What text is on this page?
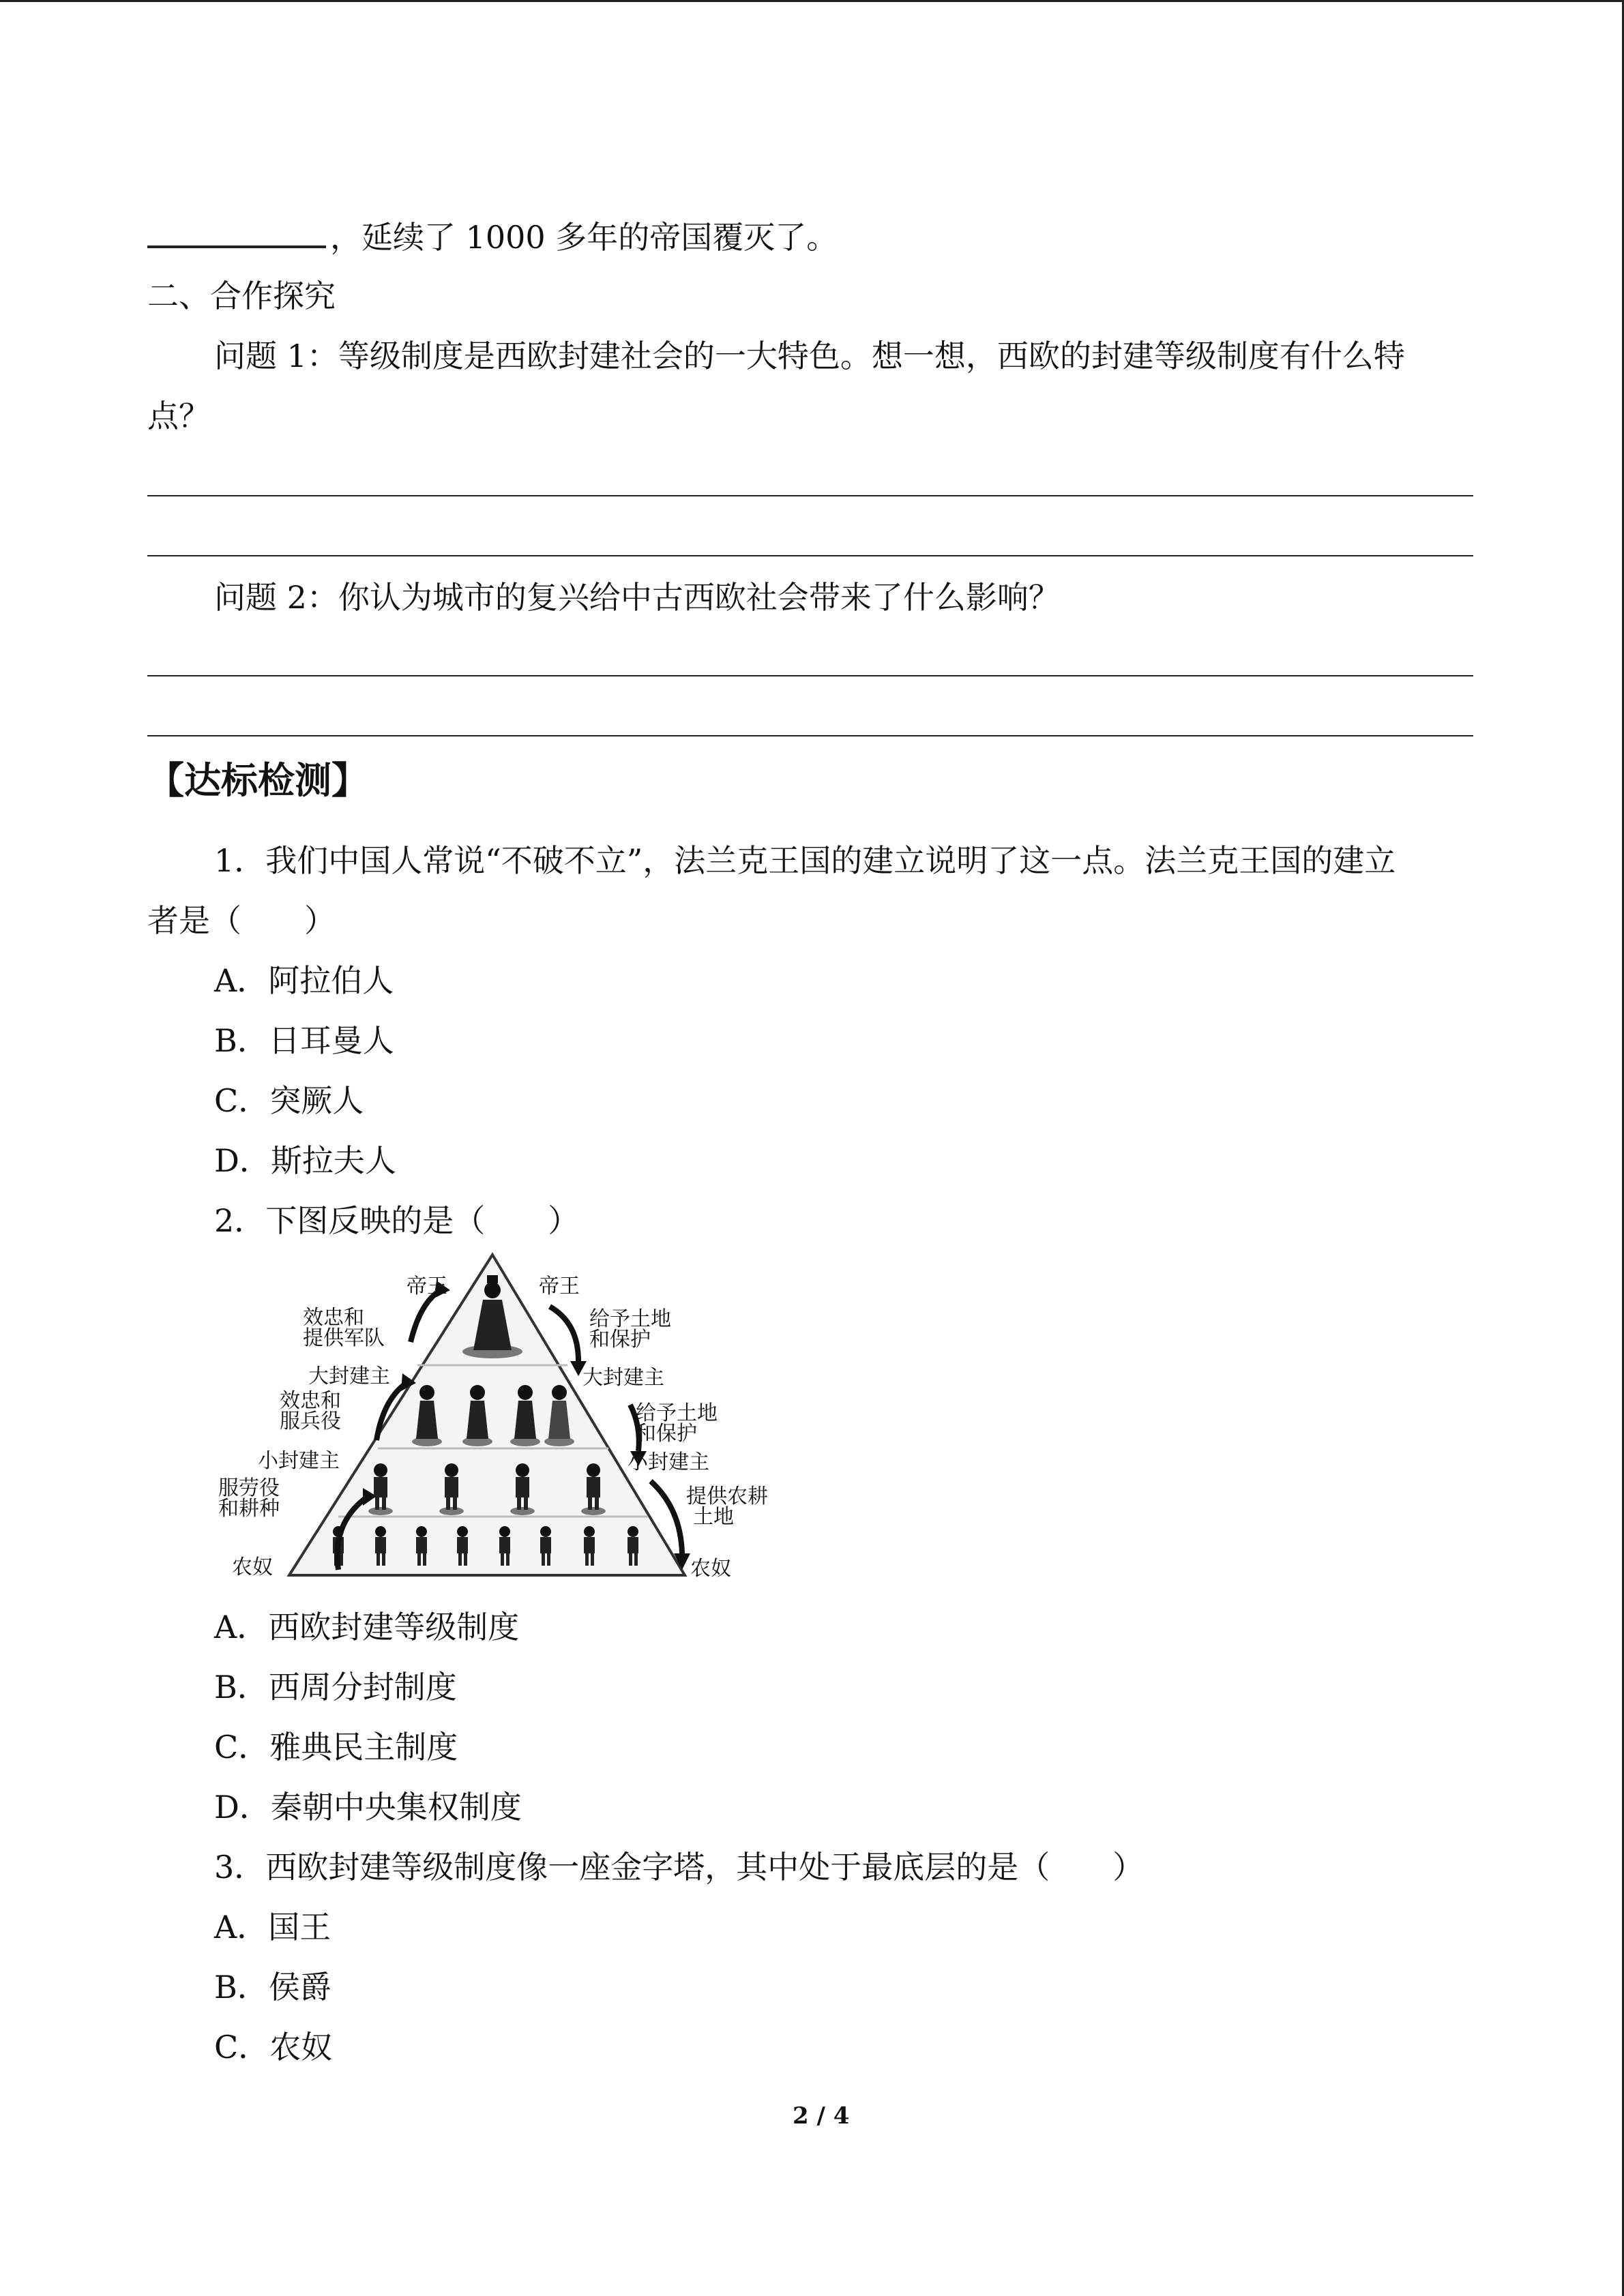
，延续了 1000 多年的帝国覆灭了。
二、合作探究
问题 1：等级制度是西欧封建社会的一大特色。想一想，西欧的封建等级制度有什么特
点？
问题 2：你认为城市的复兴给中古西欧社会带来了什么影响？
【达标检测】
1．我们中国人常说“不破不立”，法兰克王国的建立说明了这一点。法兰克王国的建立
者是（　　）
A．阿拉伯人
B．日耳曼人
C．突厥人
D．斯拉夫人
2．下图反映的是（　　）
帝王
效忠和
提供军队
大封建主
效忠和
服兵役
小封建主
服劳役
和耕种
农奴
帝王
给予土地
和保护
大封建主
给予土地
和保护
小封建主
提供农耕
土地
农奴
A．西欧封建等级制度
B．西周分封制度
C．雅典民主制度
D．秦朝中央集权制度
3．西欧封建等级制度像一座金字塔，其中处于最底层的是（　　）
A．国王
B．侯爵
C．农奴
2 / 4
